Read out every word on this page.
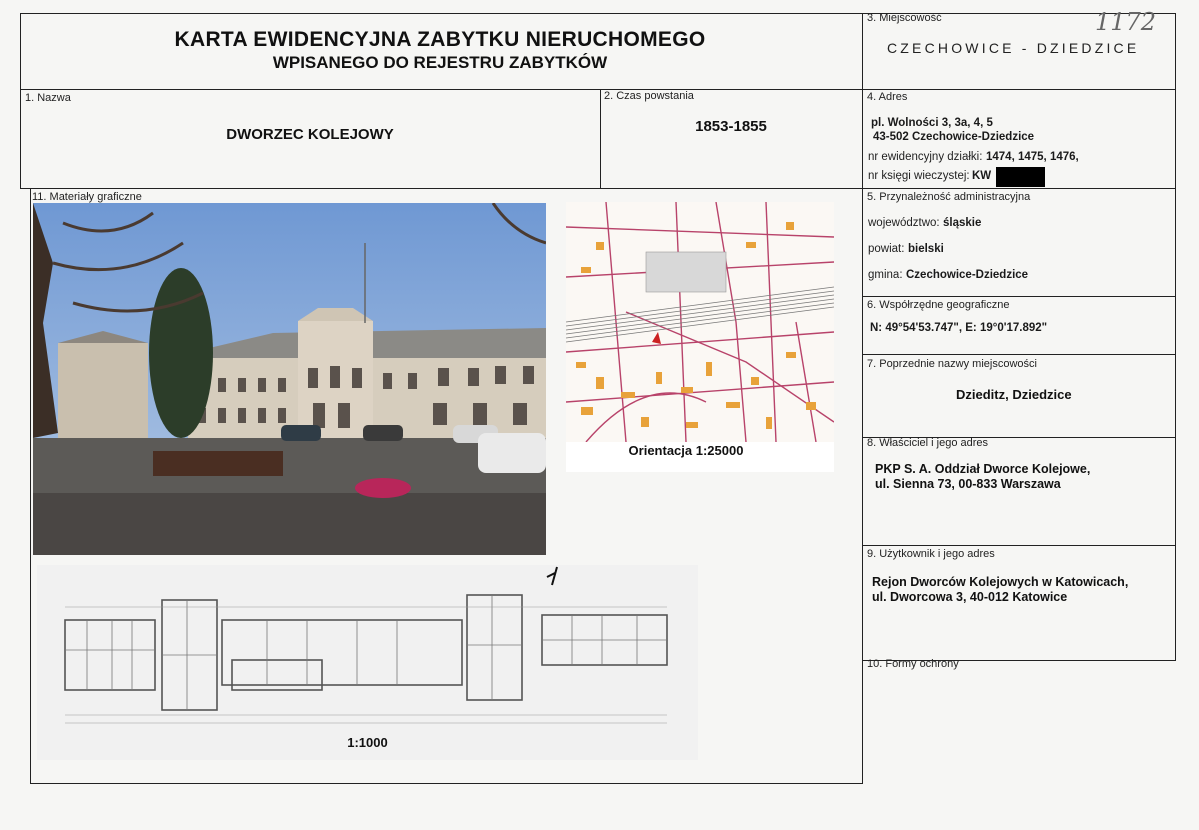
KARTA EWIDENCYJNA ZABYTKU NIERUCHOMEGO
WPISANEGO DO REJESTRU ZABYTKÓW
3. Miejscowość	1172
CZECHOWICE - DZIEDZICE
1. Nazwa
DWORZEC KOLEJOWY
2. Czas powstania
1853-1855
4. Adres
pl. Wolności 3, 3a, 4, 5
43-502 Czechowice-Dziedzice
nr ewidencyjny działki: 1474, 1475, 1476,
nr księgi wieczystej: KW
5. Przynależność administracyjna
województwo: śląskie
powiat: bielski
gmina: Czechowice-Dziedzice
6. Współrzędne geograficzne
N: 49°54'53.747", E: 19°0'17.892"
7. Poprzednie nazwy miejscowości
Dzieditz, Dziedzice
8. Właściciel i jego adres
PKP S. A. Oddział Dworce Kolejowe,
ul. Sienna 73, 00-833 Warszawa
9. Użytkownik i jego adres
Rejon Dworców Kolejowych w Katowicach,
ul. Dworcowa 3, 40-012 Katowice
10. Formy ochrony
11. Materiały graficzne
Orientacja 1:25000
1:1000
